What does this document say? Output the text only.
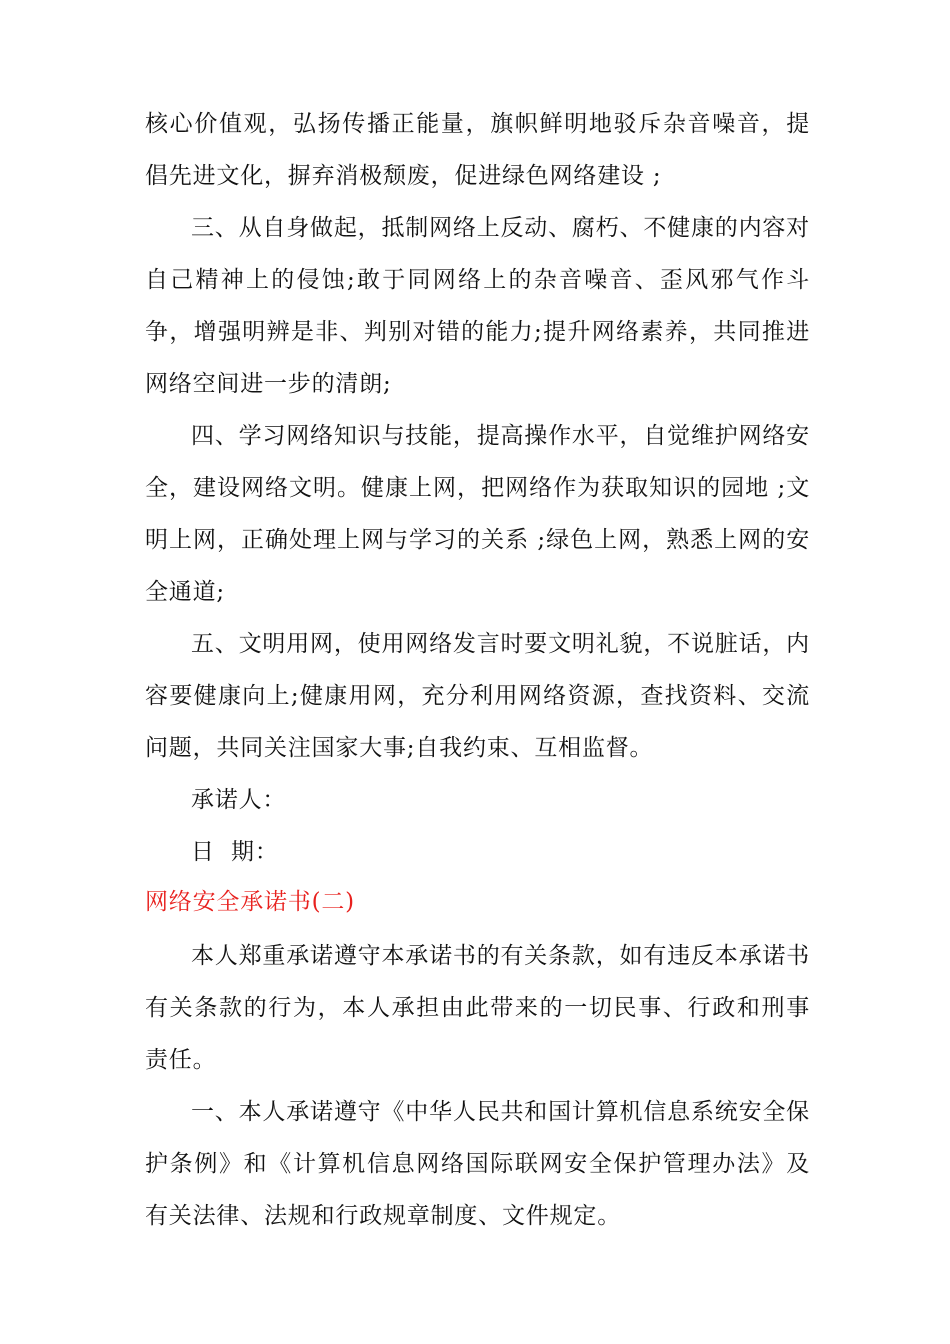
核心价值观，弘扬传播正能量，旗帜鲜明地驳斥杂音噪音，提倡先进文化，摒弃消极颓废，促进绿色网络建设 ;

三、从自身做起，抵制网络上反动、腐朽、不健康的内容对自己精神上的侵蚀;敢于同网络上的杂音噪音、歪风邪气作斗争，增强明辨是非、判别对错的能力;提升网络素养，共同推进网络空间进一步的清朗;

四、学习网络知识与技能，提高操作水平，自觉维护网络安全，建设网络文明。健康上网，把网络作为获取知识的园地 ;文明上网，正确处理上网与学习的关系 ;绿色上网，熟悉上网的安全通道;

五、文明用网，使用网络发言时要文明礼貌，不说脏话，内容要健康向上;健康用网，充分利用网络资源，查找资料、交流问题，共同关注国家大事;自我约束、互相监督。

承诺人：

日  期：

网络安全承诺书(二)

本人郑重承诺遵守本承诺书的有关条款，如有违反本承诺书有关条款的行为，本人承担由此带来的一切民事、行政和刑事责任。

一、本人承诺遵守《中华人民共和国计算机信息系统安全保护条例》和《计算机信息网络国际联网安全保护管理办法》及有关法律、法规和行政规章制度、文件规定。
